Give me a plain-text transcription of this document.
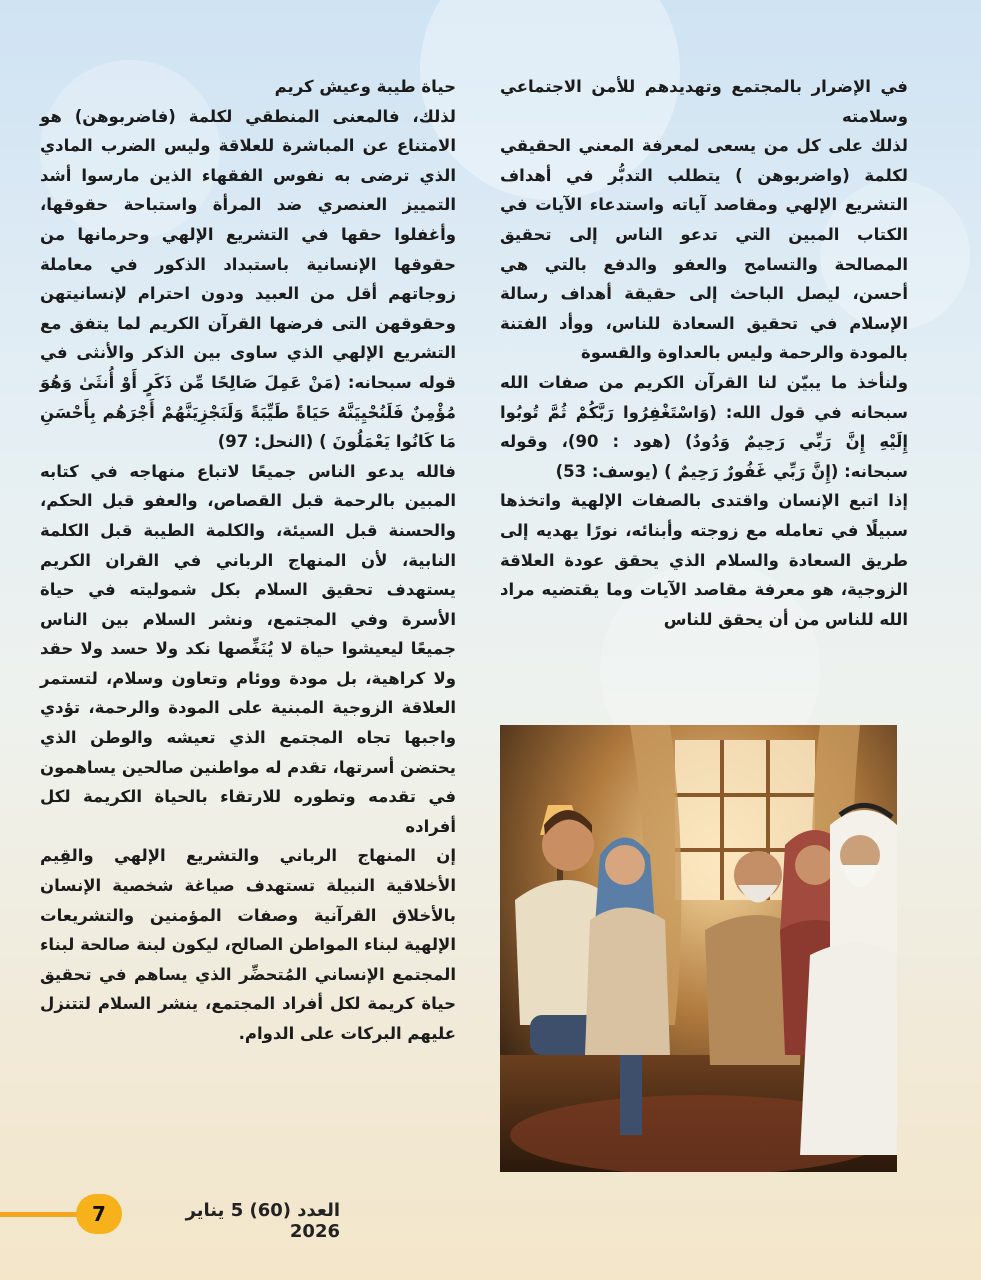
في الإضرار بالمجتمع وتهديدهم للأمن الاجتماعي وسلامته

لذلك على كل من يسعى لمعرفة المعني الحقيقي لكلمة (واضربوهن ) يتطلب التدبُّر في أهداف التشريع الإلهي ومقاصد آياته واستدعاء الآيات في الكتاب المبين التي تدعو الناس إلى تحقيق المصالحة والتسامح والعفو والدفع بالتي هي أحسن، ليصل الباحث إلى حقيقة أهداف رسالة الإسلام في تحقيق السعادة للناس، ووأد الفتنة بالمودة والرحمة وليس بالعداوة والقسوة

ولنأخذ ما يبيّن لنا القرآن الكريم من صفات الله سبحانه في قول الله: (وَاسْتَغْفِرُوا رَبَّكُمْ ثُمَّ تُوبُوا إِلَيْهِ إِنَّ رَبِّي رَحِيمٌ وَدُودٌ) (هود : 90)، وقوله سبحانه: (إِنَّ رَبِّي غَفُورٌ رَحِيمٌ ) (يوسف: 53)

إذا اتبع الإنسان واقتدى بالصفات الإلهية واتخذها سبيلًا في تعامله مع زوجته وأبنائه، نورًا يهديه إلى طريق السعادة والسلام الذي يحقق عودة العلاقة الزوجية، هو معرفة مقاصد الآيات وما يقتضيه مراد الله للناس من أن يحقق للناس

حياة طيبة وعيش كريم

لذلك، فالمعنى المنطقي لكلمة (فاضربوهن) هو الامتناع عن المباشرة للعلاقة وليس الضرب المادي الذي ترضى به نفوس الفقهاء الذين مارسوا أشد التمييز العنصري ضد المرأة واستباحة حقوقها، وأغفلوا حقها في التشريع الإلهي وحرمانها من حقوقها الإنسانية باستبداد الذكور في معاملة زوجاتهم أقل من العبيد ودون احترام لإنسانيتهن وحقوقهن التى فرضها القرآن الكريم لما يتفق مع التشريع الإلهي الذي ساوى بين الذكر والأنثى في قوله سبحانه: (مَنْ عَمِلَ صَالِحًا مِّن ذَكَرٍ أَوْ أُنثَىٰ وَهُوَ مُؤْمِنٌ فَلَنُحْيِيَنَّهُ حَيَاةً طَيِّبَةً وَلَنَجْزِيَنَّهُمْ أَجْرَهُم بِأَحْسَنِ مَا كَانُوا يَعْمَلُونَ ) (النحل: 97)

فالله يدعو الناس جميعًا لاتباع منهاجه في كتابه المبين بالرحمة قبل القصاص، والعفو قبل الحكم، والحسنة قبل السيئة، والكلمة الطيبة قبل الكلمة النابية، لأن المنهاج الرباني في القران الكريم يستهدف تحقيق السلام بكل شموليته في حياة الأسرة وفي المجتمع، ونشر السلام بين الناس جميعًا ليعيشوا حياة لا يُنَغِّصها نكد ولا حسد ولا حقد ولا كراهية، بل مودة ووئام وتعاون وسلام، لتستمر العلاقة الزوجية المبنية على المودة والرحمة، تؤدي واجبها تجاه المجتمع الذي تعيشه والوطن الذي يحتضن أسرتها، تقدم له مواطنين صالحين يساهمون في تقدمه وتطوره للارتقاء بالحياة الكريمة لكل أفراده

إن المنهاج الرباني والتشريع الإلهي والقِيم الأخلاقية النبيلة تستهدف صياغة شخصية الإنسان بالأخلاق القرآنية وصفات المؤمنين والتشريعات الإلهية لبناء المواطن الصالح، ليكون لبنة صالحة لبناء المجتمع الإنساني المُتحضِّر الذي يساهم في تحقيق حياة كريمة لكل أفراد المجتمع، ينشر السلام لتتنزل عليهم البركات على الدوام.

7	العدد (60) 5 يناير 2026
